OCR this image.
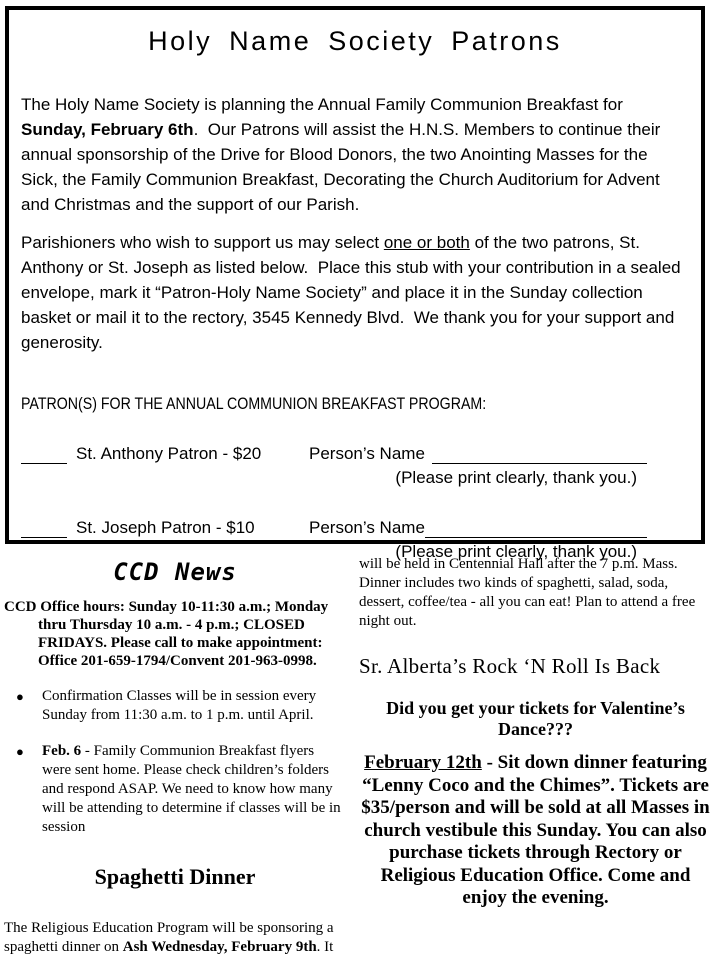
Holy Name Society Patrons

The Holy Name Society is planning the Annual Family Communion Breakfast for Sunday, February 6th.  Our Patrons will assist the H.N.S. Members to continue their annual sponsorship of the Drive for Blood Donors, the two Anointing Masses for the Sick, the Family Communion Breakfast, Decorating the Church Auditorium for Advent and Christmas and the support of our Parish.

Parishioners who wish to support us may select one or both of the two patrons, St. Anthony or St. Joseph as listed below.  Place this stub with your contribution in a sealed envelope, mark it “Patron-Holy Name Society” and place it in the Sunday collection basket or mail it to the rectory, 3545 Kennedy Blvd.  We thank you for your support and generosity.

PATRON(S) FOR THE ANNUAL COMMUNION BREAKFAST PROGRAM:
St. Anthony Patron - $20	Person’s Name
(Please print clearly, thank you.)
St. Joseph Patron - $10	Person’s Name
(Please print clearly, thank you.)
CCD News
CCD Office hours: Sunday 10-11:30 a.m.; Monday thru Thursday 10 a.m. - 4 p.m.; CLOSED FRIDAYS. Please call to make appointment: Office 201-659-1794/Convent 201-963-0998.
●	Confirmation Classes will be in session every Sunday from 11:30 a.m. to 1 p.m. until April.
●	Feb. 6 - Family Communion Breakfast flyers were sent home. Please check children’s folders and respond ASAP. We need to know how many will be attending to determine if classes will be in session
Spaghetti Dinner

The Religious Education Program will be sponsoring a spaghetti dinner on Ash Wednesday, February 9th. It

will be held in Centennial Hall after the 7 p.m. Mass. Dinner includes two kinds of spaghetti, salad, soda, dessert, coffee/tea - all you can eat! Plan to attend a free night out.

Sr. Alberta’s Rock ‘N Roll Is Back
Did you get your tickets for Valentine’s Dance???

February 12th - Sit down dinner featuring “Lenny Coco and the Chimes”. Tickets are $35/person and will be sold at all Masses in church vestibule this Sunday. You can also purchase tickets through Rectory or Religious Education Office. Come and enjoy the evening.
